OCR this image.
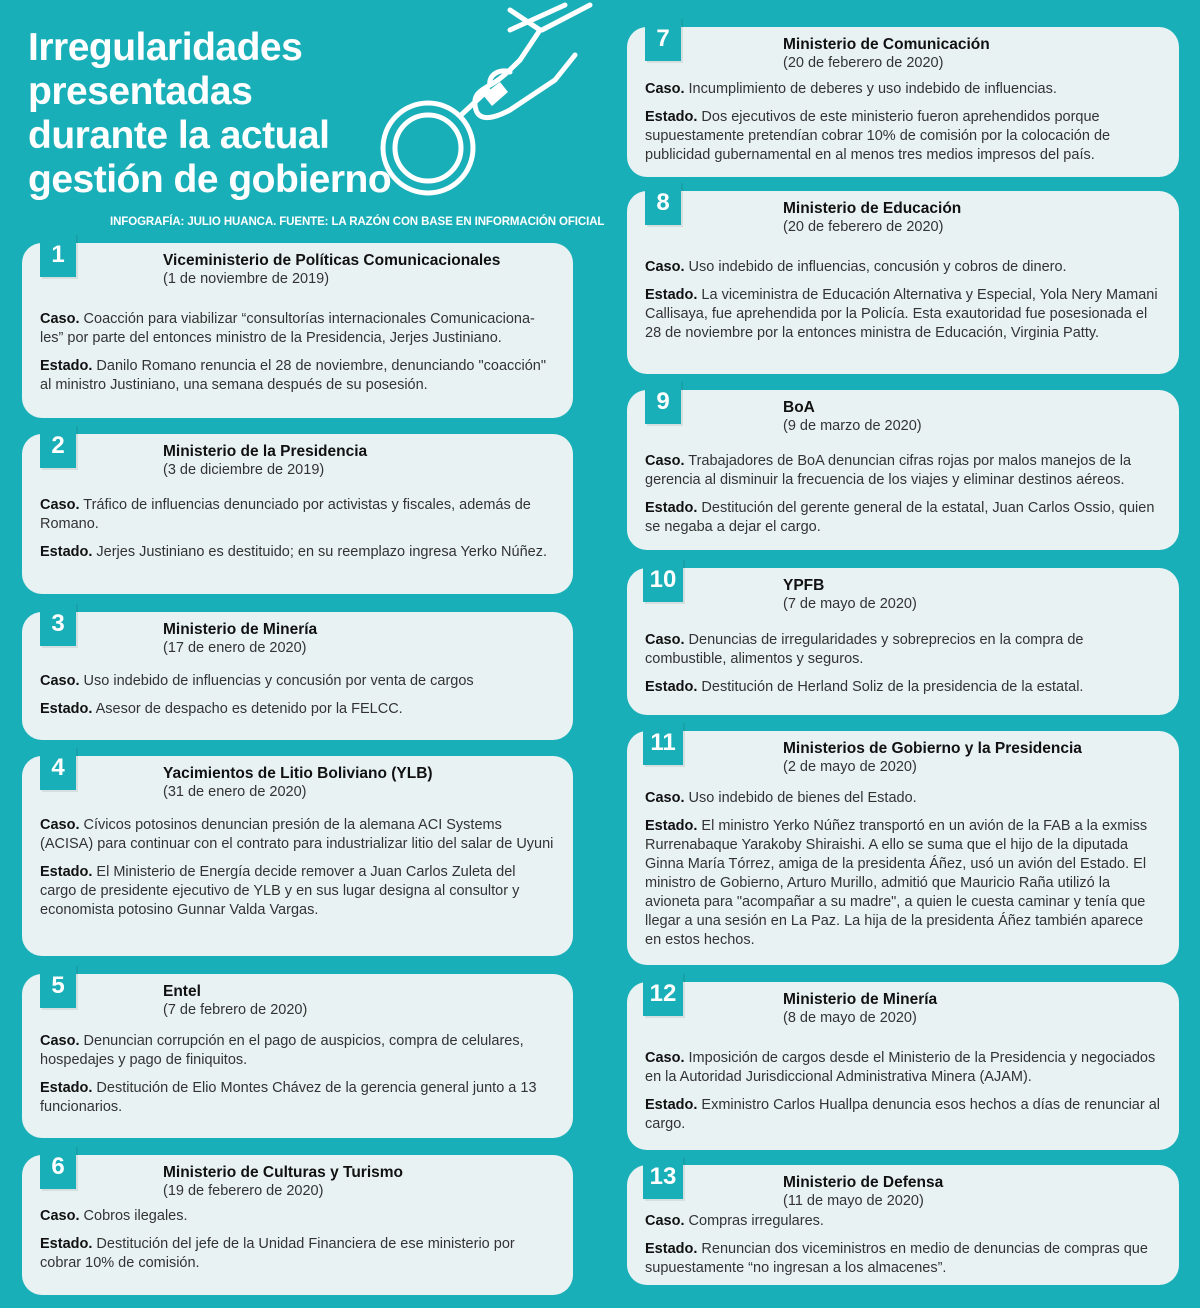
Irregularidades
presentadas
durante la actual
gestión de gobierno
INFOGRAFÍA: JULIO HUANCA. FUENTE: LA RAZÓN CON BASE EN INFORMACIÓN OFICIAL
1	Viceministerio de Políticas Comunicacionales
(1 de noviembre de 2019)

Caso. Coacción para viabilizar “consultorías internacionales Comunicaciona-les” por parte del entonces ministro de la Presidencia, Jerjes Justiniano.

Estado. Danilo Romano renuncia el 28 de noviembre, denunciando "coacción" al ministro Justiniano, una semana después de su posesión.

2	Ministerio de la Presidencia
(3 de diciembre de 2019)

Caso. Tráfico de influencias denunciado por activistas y fiscales, además de Romano.

Estado. Jerjes Justiniano es destituido; en su reemplazo ingresa Yerko Núñez.

3	Ministerio de Minería
(17 de enero de 2020)

Caso. Uso indebido de influencias y concusión por venta de cargos

Estado. Asesor de despacho es detenido por la FELCC.

4	Yacimientos de Litio Boliviano (YLB)
(31 de enero de 2020)

Caso. Cívicos potosinos denuncian presión de la alemana ACI Systems (ACISA) para continuar con el contrato para industrializar litio del salar de Uyuni

Estado. El Ministerio de Energía decide remover a Juan Carlos Zuleta del cargo de presidente ejecutivo de YLB y en sus lugar designa al consultor y economista potosino Gunnar Valda Vargas.

5	Entel
(7 de febrero de 2020)

Caso. Denuncian corrupción en el pago de auspicios, compra de celulares, hospedajes y pago de finiquitos.

Estado. Destitución de Elio Montes Chávez de la gerencia general junto a 13 funcionarios.

6	Ministerio de Culturas y Turismo
(19 de feberero de 2020)

Caso. Cobros ilegales.

Estado. Destitución del jefe de la Unidad Financiera de ese ministerio por cobrar 10% de comisión.

7	Ministerio de Comunicación
(20 de feberero de 2020)

Caso. Incumplimiento de deberes y uso indebido de influencias.

Estado. Dos ejecutivos de este ministerio fueron aprehendidos porque supuestamente pretendían cobrar 10% de comisión por la colocación de publicidad gubernamental en al menos tres medios impresos del país.

8	Ministerio de Educación
(20 de feberero de 2020)

Caso. Uso indebido de influencias, concusión y cobros de dinero.

Estado. La viceministra de Educación Alternativa y Especial, Yola Nery Mamani Callisaya, fue aprehendida por la Policía. Esta exautoridad fue posesionada el 28 de noviembre por la entonces ministra de Educación, Virginia Patty.

9	BoA
(9 de marzo de 2020)

Caso. Trabajadores de BoA denuncian cifras rojas por malos manejos de la gerencia al disminuir la frecuencia de los viajes y eliminar destinos aéreos.

Estado. Destitución del gerente general de la estatal, Juan Carlos Ossio, quien se negaba a dejar el cargo.

10	YPFB
(7 de mayo de 2020)

Caso. Denuncias de irregularidades y sobreprecios en la compra de combustible, alimentos y seguros.

Estado. Destitución de Herland Soliz de la presidencia de la estatal.

11	Ministerios de Gobierno y la Presidencia
(2 de mayo de 2020)

Caso. Uso indebido de bienes del Estado.

Estado. El ministro Yerko Núñez transportó en un avión de la FAB a la exmiss Rurrenabaque Yarakoby Shiraishi. A ello se suma que el hijo de la diputada Ginna María Tórrez, amiga de la presidenta Áñez, usó un avión del Estado. El ministro de Gobierno, Arturo Murillo, admitió que Mauricio Raña utilizó la avioneta para "acompañar a su madre", a quien le cuesta caminar y tenía que llegar a una sesión en La Paz. La hija de la presidenta Áñez también aparece en estos hechos.

12	Ministerio de Minería
(8 de mayo de 2020)

Caso. Imposición de cargos desde el Ministerio de la Presidencia y negociados en la Autoridad Jurisdiccional Administrativa Minera (AJAM).

Estado. Exministro Carlos Huallpa denuncia esos hechos a días de renunciar al cargo.

13	Ministerio de Defensa
(11 de mayo de 2020)

Caso. Compras irregulares.

Estado. Renuncian dos viceministros en medio de denuncias de compras que supuestamente “no ingresan a los almacenes”.
